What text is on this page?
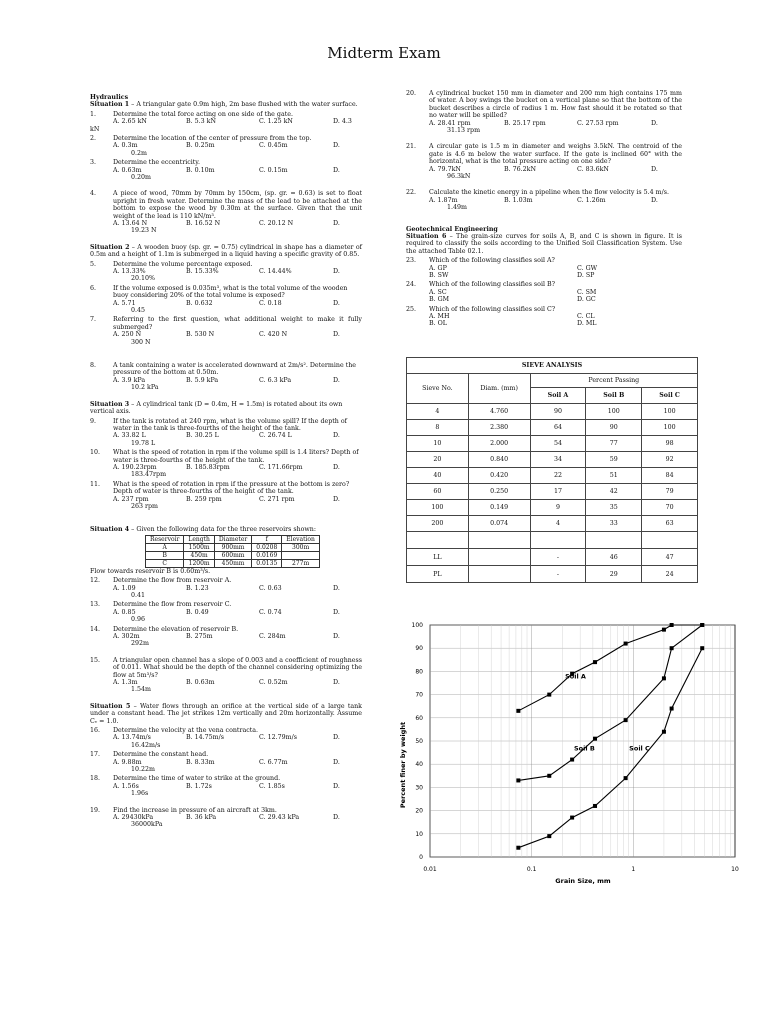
Midterm Exam
Hydraulics
Situation 1 – A triangular gate 0.9m high, 2m base flushed with the water surface.
1.	Determine the total force acting on one side of the gate.
A. 2.65 kN	B. 5.3 kN	C. 1.25 kN	D. 4.3
kN
2.	Determine the location of the center of pressure from the top.
A. 0.3m	B. 0.25m	C. 0.45m	D.
0.2m
3.	Determine the eccentricity.
A. 0.63m	B. 0.10m	C. 0.15m	D.
0.20m
4.	A piece of wood, 70mm by 70mm by 150cm, (sp. gr. = 0.63) is set to float upright in fresh water. Determine the mass of the lead to be attached at the bottom to expose the wood by 0.30m at the surface. Given that the unit weight of the lead is 110 kN/m³.
A. 13.64 N	B. 16.52 N	C. 20.12 N	D.
19.23 N
Situation 2 – A wooden buoy (sp. gr. = 0.75) cylindrical in shape has a diameter of 0.5m and a height of 1.1m is submerged in a liquid having a specific gravity of 0.85.
5.	Determine the volume percentage exposed.
A. 13.33%	B. 15.33%	C. 14.44%	D.
20.10%
6.	If the volume exposed is 0.035m³, what is the total volume of the wooden buoy considering 20% of the total volume is exposed?
A. 5.71	B. 0.632	C. 0.18	D.
0.45
7.	Referring to the first question, what additional weight to make it fully submerged?
A. 250 N	B. 530 N	C. 420 N	D.
300 N
8.	A tank containing a water is accelerated downward at 2m/s². Determine the pressure of the bottom at 0.50m.
A. 3.9 kPa	B. 5.9 kPa	C. 6.3 kPa	D.
10.2 kPa
Situation 3 – A cylindrical tank (D = 0.4m, H = 1.5m) is rotated about its own vertical axis.
9.	If the tank is rotated at 240 rpm, what is the volume spill? If the depth of water in the tank is three-fourths of the height of the tank.
A. 33.82 L	B. 30.25 L	C. 26.74 L	D.
19.78 L
10. What is the speed of rotation in rpm if the volume spill is 1.4 liters? Depth of water is three-fourths of the height of the tank.
A. 190.23rpm	B. 185.83rpm	C. 171.66rpm	D.
183.47rpm
11. What is the speed of rotation in rpm if the pressure at the bottom is zero? Depth of water is three-fourths of the height of the tank.
A. 237 rpm	B. 259 rpm	C. 271 rpm	D.
263 rpm
Situation 4 – Given the following data for the three reservoirs shown:
Reservoir	Length	Diameter	f	Elevation
A	1500m	900mm	0.0208	300m
B	450m	600mm	0.0169	
C	1200m	450mm	0.0135	277m
Flow towards reservoir B is 0.60m³/s.
12. Determine the flow from reservoir A.
A. 1.09	B. 1.23	C. 0.63	D.
0.41
13. Determine the flow from reservoir C.
A. 0.85	B. 0.49	C. 0.74	D.
0.96
14. Determine the elevation of reservoir B.
A. 302m	B. 275m	C. 284m	D.
292m
15. A triangular open channel has a slope of 0.003 and a coefficient of roughness of 0.011. What should be the depth of the channel considering optimizing the flow at 5m³/s?
A. 1.3m	B. 0.63m	C. 0.52m	D.
1.54m
Situation 5 – Water flows through an orifice at the vertical side of a large tank under a constant head. The jet strikes 12m vertically and 20m horizontally. Assume Cᵥ = 1.0.
16. Determine the velocity at the vena contracta.
A. 13.74m/s	B. 14.75m/s	C. 12.79m/s	D.
16.42m/s
17. Determine the constant head.
A. 9.88m	B. 8.33m	C. 6.77m	D.
10.22m
18. Determine the time of water to strike at the ground.
A. 1.56s	B. 1.72s	C. 1.85s	D.
1.96s
19. Find the increase in pressure of an aircraft at 3km.
A. 29430kPa	B. 36 kPa	C. 29.43 kPa	D.
36000kPa
20. A cylindrical bucket 150 mm in diameter and 200 mm high contains 175 mm of water. A boy swings the bucket on a vertical plane so that the bottom of the bucket describes a circle of radius 1 m. How fast should it be rotated so that no water will be spilled?
A. 28.41 rpm	B. 25.17 rpm	C. 27.53 rpm	D.
31.13 rpm
21. A circular gate is 1.5 m in diameter and weighs 3.5kN. The centroid of the gate is 4.6 m below the water surface. If the gate is inclined 60° with the horizontal, what is the total pressure acting on one side?
A. 79.7kN	B. 76.2kN	C. 83.6kN	D.
96.3kN
22. Calculate the kinetic energy in a pipeline when the flow velocity is 5.4 m/s.
A. 1.87m	B. 1.03m	C. 1.26m	D.
1.49m
Geotechnical Engineering
Situation 6 – The grain-size curves for soils A, B, and C is shown in figure. It is required to classify the soils according to the Unified Soil Classification System. Use the attached Table 02.1.
23. Which of the following classifies soil A?
A. GP	C. GW
B. SW	D. SP
24. Which of the following classifies soil B?
A. SC	C. SM
B. GM	D. GC
25. Which of the following classifies soil C?
A. MH	C. CL
B. OL	D. ML
SIEVE ANALYSIS				
Sieve No.	Diam. (mm)	Percent Passing		
		Soil A	Soil B	Soil C
4	4.760	90	100	100
8	2.380	64	90	100
10	2.000	54	77	98
20	0.840	34	59	92
40	0.420	22	51	84
60	0.250	17	42	79
100	0.149	9	35	70
200	0.074	4	33	63

LL		-	46	47
PL		-	29	24
0
10
20
30
40
50
60
70
80
90
100
0.01	0.1	1	10
Soil A
Soil B	Soil C
Percent finer by weight
Grain Size, mm
